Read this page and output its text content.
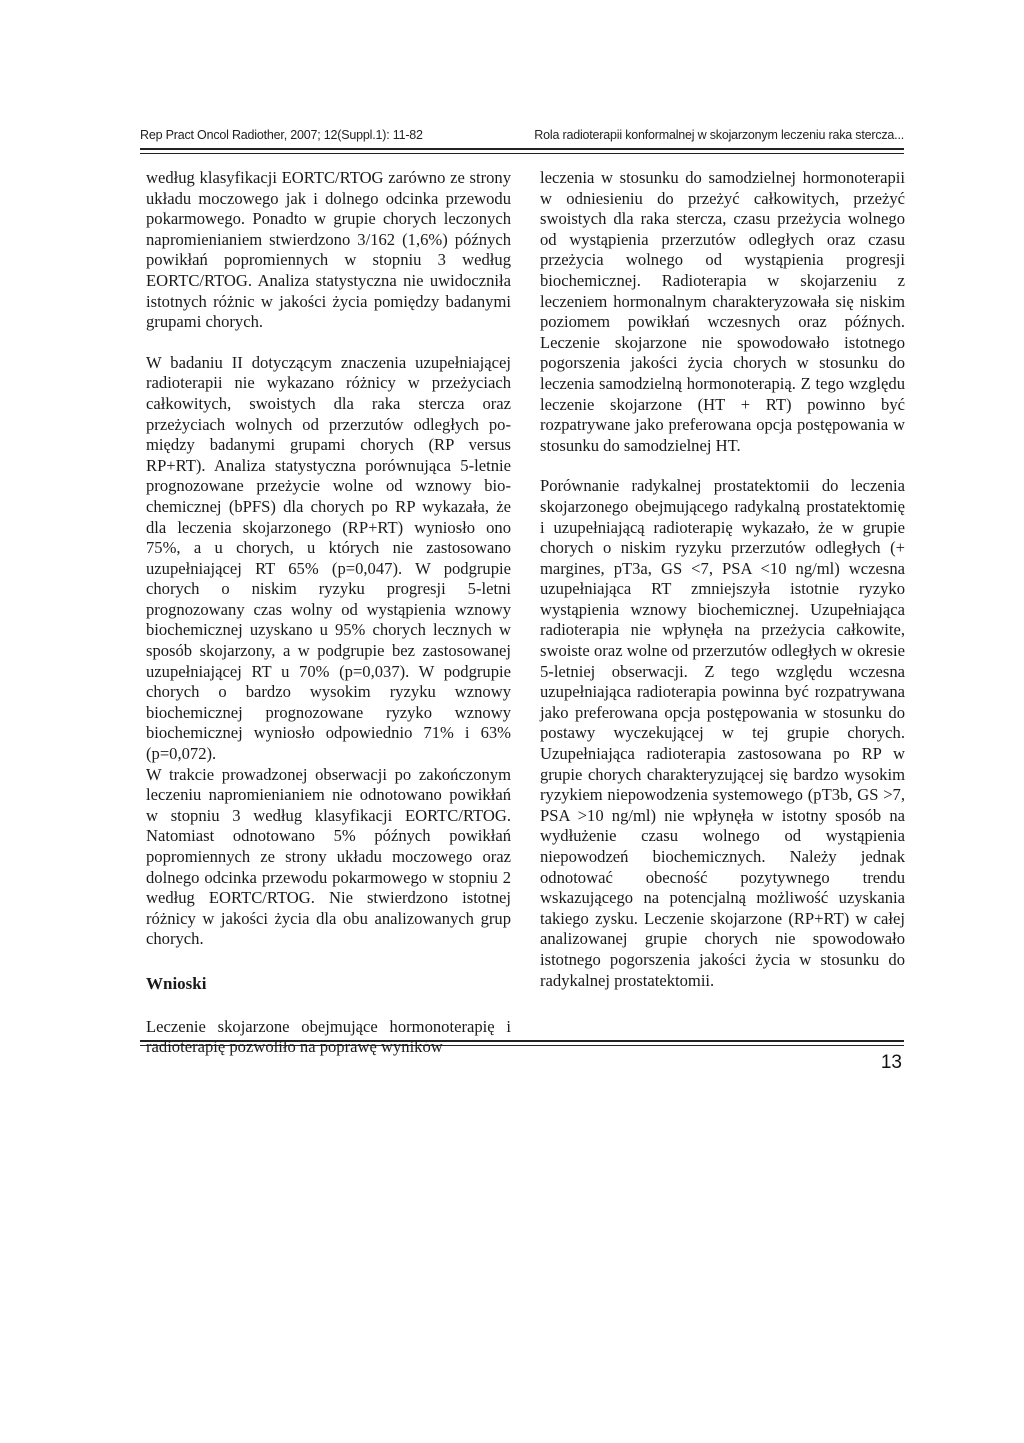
Rep Pract Oncol Radiother, 2007; 12(Suppl.1): 11-82	Rola radioterapii konformalnej w skojarzonym leczeniu raka stercza...

według klasyfikacji EORTC/RTOG zarówno ze strony układu moczowego jak i dolnego odcinka przewodu pokarmowego. Ponadto w grupie chorych leczonych napromienianiem stwierdzono 3/162 (1,6%) późnych powikłań popromiennych w stopniu 3 według EORTC/RTOG. Analiza statystyczna nie uwidoczniła istotnych różnic w jakości życia pomiędzy badanymi grupami chorych.

W badaniu II dotyczącym znaczenia uzupełniającej radioterapii nie wykazano różnicy w przeżyciach całkowitych, swoistych dla raka stercza oraz przeżyciach wolnych od przerzutów odległych pomiędzy badanymi grupami chorych (RP versus RP+RT). Analiza statystyczna porównująca 5-letnie prognozowane przeżycie wolne od wznowy biochemicznej (bPFS) dla chorych po RP wykazała, że dla leczenia skojarzonego (RP+RT) wyniosło ono 75%, a u chorych, u których nie zastosowano uzupełniającej RT 65% (p=0,047). W podgrupie chorych o niskim ryzyku progresji 5-letni prognozowany czas wolny od wystąpienia wznowy biochemicznej uzyskano u 95% chorych lecznych w sposób skojarzony, a w podgrupie bez zastosowanej uzupełniającej RT u 70% (p=0,037). W podgrupie chorych o bardzo wysokim ryzyku wznowy biochemicznej prognozowane ryzyko wznowy biochemicznej wyniosło odpowiednio 71% i 63% (p=0,072).

W trakcie prowadzonej obserwacji po zakończonym leczeniu napromienianiem nie odnotowano powikłań w stopniu 3 według klasyfikacji EORTC/RTOG. Natomiast odnotowano 5% późnych powikłań popromiennych ze strony układu moczowego oraz dolnego odcinka przewodu pokarmowego w stopniu 2 według EORTC/RTOG. Nie stwierdzono istotnej różnicy w jakości życia dla obu analizowanych grup chorych.

Wnioski

Leczenie skojarzone obejmujące hormonoterapię i radioterapię pozwoliło na poprawę wyników

leczenia w stosunku do samodzielnej hormonoterapii w odniesieniu do przeżyć całkowitych, przeżyć swoistych dla raka stercza, czasu przeżycia wolnego od wystąpienia przerzutów odległych oraz czasu przeżycia wolnego od wystąpienia progresji biochemicznej. Radioterapia w skojarzeniu z leczeniem hormonalnym charakteryzowała się niskim poziomem powikłań wczesnych oraz późnych. Leczenie skojarzone nie spowodowało istotnego pogorszenia jakości życia chorych w stosunku do leczenia samodzielną hormonoterapią. Z tego względu leczenie skojarzone (HT + RT) powinno być rozpatrywane jako preferowana opcja postępowania w stosunku do samodzielnej HT.

Porównanie radykalnej prostatektomii do leczenia skojarzonego obejmującego radykalną prostatektomię i uzupełniającą radioterapię wykazało, że w grupie chorych o niskim ryzyku przerzutów odległych (+ margines, pT3a, GS <7, PSA <10 ng/ml) wczesna uzupełniająca RT zmniejszyła istotnie ryzyko wystąpienia wznowy biochemicznej. Uzupełniająca radioterapia nie wpłynęła na przeżycia całkowite, swoiste oraz wolne od przerzutów odległych w okresie 5-letniej obserwacji. Z tego względu wczesna uzupełniająca radioterapia powinna być rozpatrywana jako preferowana opcja postępowania w stosunku do postawy wyczekującej w tej grupie chorych. Uzupełniająca radioterapia zastosowana po RP w grupie chorych charakteryzującej się bardzo wysokim ryzykiem niepowodzenia systemowego (pT3b, GS >7, PSA >10 ng/ml) nie wpłynęła w istotny sposób na wydłużenie czasu wolnego od wystąpienia niepowodzeń biochemicznych. Należy jednak odnotować obecność pozytywnego trendu wskazującego na potencjalną możliwość uzyskania takiego zysku. Leczenie skojarzone (RP+RT) w całej analizowanej grupie chorych nie spowodowało istotnego pogorszenia jakości życia w stosunku do radykalnej prostatektomii.

13
